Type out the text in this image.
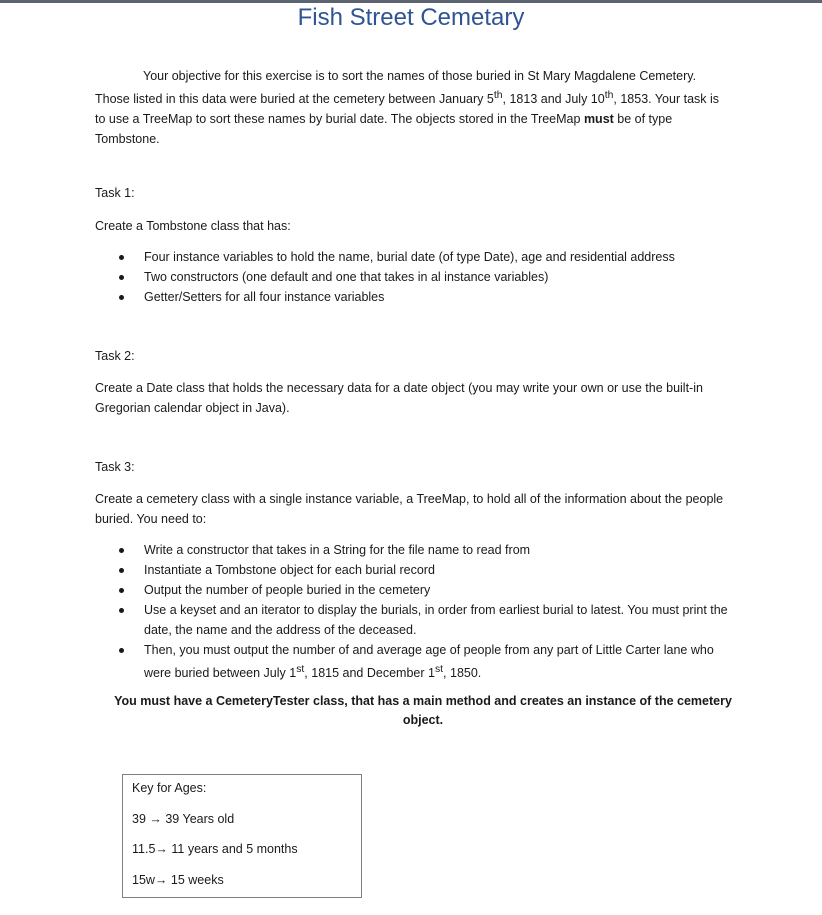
Fish Street Cemetary
Your objective for this exercise is to sort the names of those buried in St Mary Magdalene Cemetery. Those listed in this data were buried at the cemetery between January 5th, 1813 and July 10th, 1853. Your task is to use a TreeMap to sort these names by burial date. The objects stored in the TreeMap must be of type Tombstone.

Task 1:

Create a Tombstone class that has:

Four instance variables to hold the name, burial date (of type Date), age and residential address
Two constructors (one default and one that takes in al instance variables)
Getter/Setters for all four instance variables

Task 2:

Create a Date class that holds the necessary data for a date object (you may write your own or use the built-in Gregorian calendar object in Java).

Task 3:

Create a cemetery class with a single instance variable, a TreeMap, to hold all of the information about the people buried. You need to:

Write a constructor that takes in a String for the file name to read from
Instantiate a Tombstone object for each burial record
Output the number of people buried in the cemetery
Use a keyset and an iterator to display the burials, in order from earliest burial to latest. You must print the date, the name and the address of the deceased.
Then, you must output the number of and average age of people from any part of Little Carter lane who were buried between July 1st, 1815 and December 1st, 1850.

You must have a CemeteryTester class, that has a main method and creates an instance of the cemetery object.

Key for Ages:

39 → 39 Years old

11.5→ 11 years and 5 months

15w→ 15 weeks
